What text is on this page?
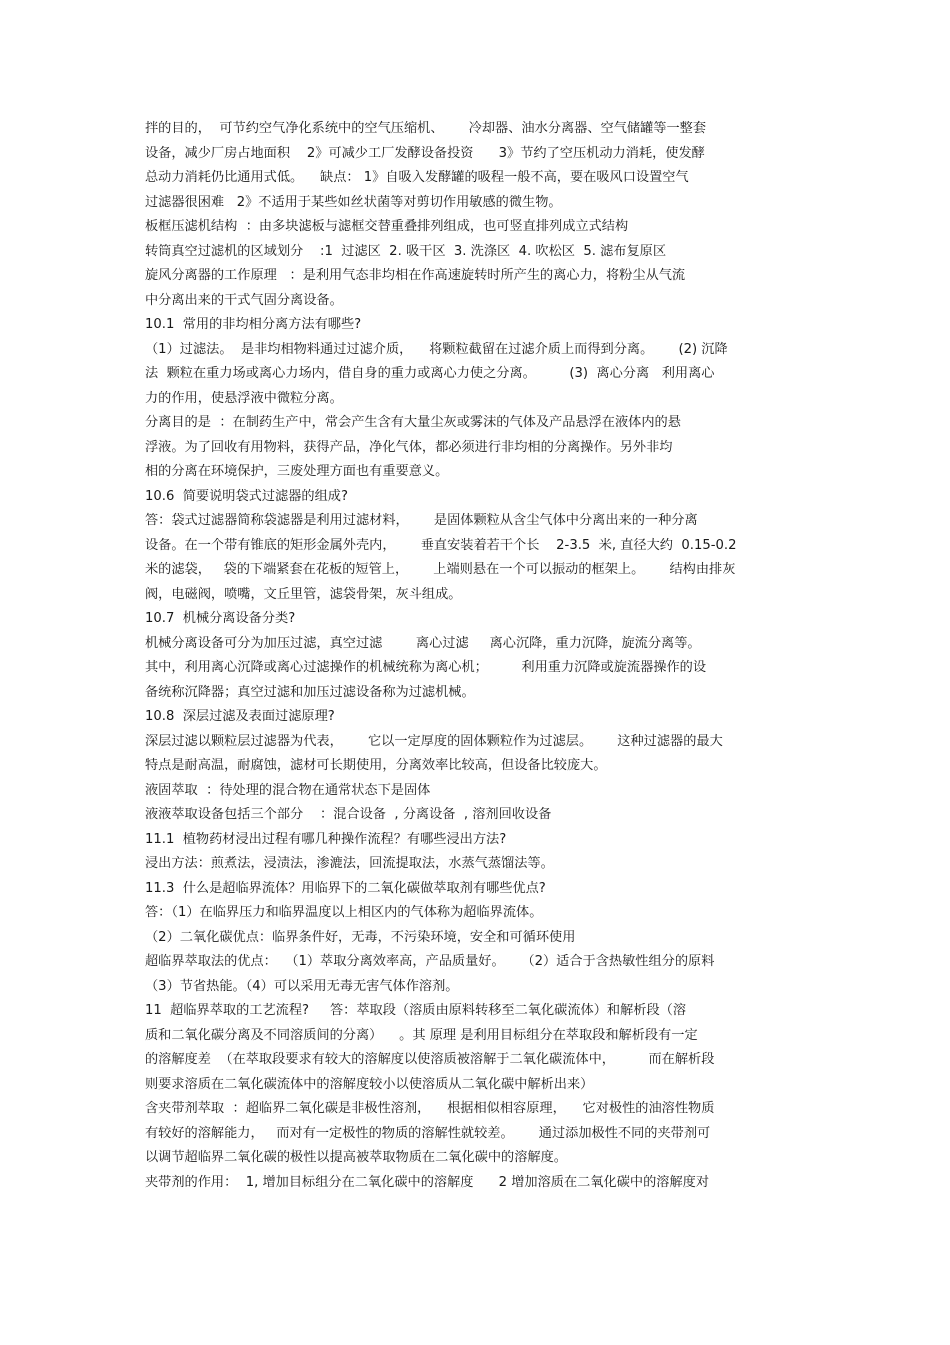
拌的目的，  可节约空气净化系统中的空气压缩机、      冷却器、油水分离器、空气储罐等一整套
设备，减少厂房占地面积    2》可减少工厂发酵设备投资      3》节约了空压机动力消耗，使发酵
总动力消耗仍比通用式低。    缺点： 1》自吸入发酵罐的吸程一般不高，要在吸风口设置空气
过滤器很困难   2》不适用于某些如丝状菌等对剪切作用敏感的微生物。
板框压滤机结构  ：由多块滤板与滤框交替重叠排列组成，也可竖直排列成立式结构
转筒真空过滤机的区域划分    :1  过滤区  2. 吸干区  3. 洗涤区  4. 吹松区  5. 滤布复原区
旋风分离器的工作原理   ：是利用气态非均相在作高速旋转时所产生的离心力，将粉尘从气流
中分离出来的干式气固分离设备。
10.1  常用的非均相分离方法有哪些?
（1）过滤法。  是非均相物料通过过滤介质，    将颗粒截留在过滤介质上而得到分离。      (2) 沉降
法  颗粒在重力场或离心力场内，借自身的重力或离心力使之分离。        (3)  离心分离   利用离心
力的作用，使悬浮液中微粒分离。
分离目的是  ：在制药生产中，常会产生含有大量尘灰或雾沫的气体及产品悬浮在液体内的悬
浮液。为了回收有用物料，获得产品，净化气体，都必须进行非均相的分离操作。另外非均
相的分离在环境保护，三废处理方面也有重要意义。
10.6  简要说明袋式过滤器的组成?
答：袋式过滤器简称袋滤器是利用过滤材料，      是固体颗粒从含尘气体中分离出来的一种分离
设备。在一个带有锥底的矩形金属外壳内，      垂直安装着若干个长    2-3.5  米, 直径大约  0.15-0.2
米的滤袋，   袋的下端紧套在花板的短管上，      上端则悬在一个可以振动的框架上。      结构由排灰
阀，电磁阀，喷嘴，文丘里管，滤袋骨架，灰斗组成。
10.7  机械分离设备分类?
机械分离设备可分为加压过滤，真空过滤        离心过滤     离心沉降，重力沉降，旋流分离等。
其中，利用离心沉降或离心过滤操作的机械统称为离心机；        利用重力沉降或旋流器操作的设
备统称沉降器；真空过滤和加压过滤设备称为过滤机械。
10.8  深层过滤及表面过滤原理?
深层过滤以颗粒层过滤器为代表，      它以一定厚度的固体颗粒作为过滤层。      这种过滤器的最大
特点是耐高温，耐腐蚀，滤材可长期使用，分离效率比较高，但设备比较庞大。
液固萃取  ：待处理的混合物在通常状态下是固体
液液萃取设备包括三个部分    ：混合设备  , 分离设备  , 溶剂回收设备
11.1  植物药材浸出过程有哪几种操作流程？有哪些浸出方法?
浸出方法：煎煮法，浸渍法，渗漉法，回流提取法，水蒸气蒸馏法等。
11.3  什么是超临界流体？用临界下的二氧化碳做萃取剂有哪些优点?
答：（1）在临界压力和临界温度以上相区内的气体称为超临界流体。
（2）二氧化碳优点：临界条件好，无毒，不污染环境，安全和可循环使用
超临界萃取法的优点：  （1）萃取分离效率高，产品质量好。    （2）适合于含热敏性组分的原料
（3）节省热能。（4）可以采用无毒无害气体作溶剂。
11  超临界萃取的工艺流程?     答：萃取段（溶质由原料转移至二氧化碳流体）和解析段（溶
质和二氧化碳分离及不同溶质间的分离）    。其 原理 是利用目标组分在萃取段和解析段有一定
的溶解度差  （在萃取段要求有较大的溶解度以使溶质被溶解于二氧化碳流体中，        而在解析段
则要求溶质在二氧化碳流体中的溶解度较小以使溶质从二氧化碳中解析出来）
含夹带剂萃取  ：超临界二氧化碳是非极性溶剂，    根据相似相容原理，    它对极性的油溶性物质
有较好的溶解能力，   而对有一定极性的物质的溶解性就较差。      通过添加极性不同的夹带剂可
以调节超临界二氧化碳的极性以提高被萃取物质在二氧化碳中的溶解度。
夹带剂的作用：  1, 增加目标组分在二氧化碳中的溶解度      2 增加溶质在二氧化碳中的溶解度对
